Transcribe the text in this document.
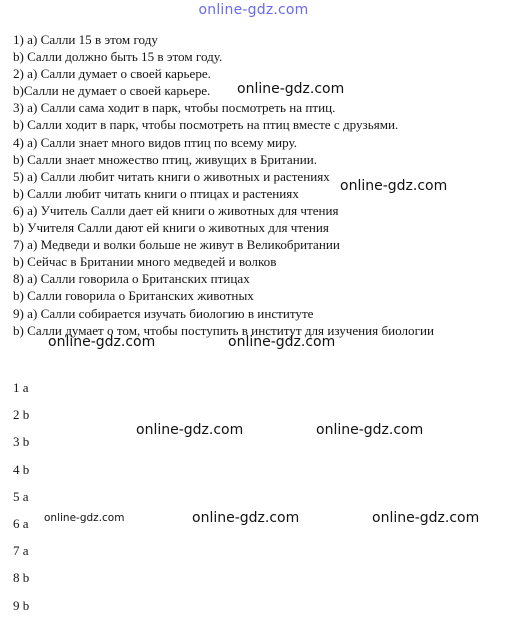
online-gdz.com
1) a) Салли 15 в этом году
b) Салли должно быть 15 в этом году.
2) a) Салли думает о своей карьере.
b)Салли не думает о своей карьере.
3) a) Салли сама ходит в парк, чтобы посмотреть на птиц.
b) Салли ходит в парк, чтобы посмотреть на птиц вместе с друзьями.
4) a) Салли знает много видов птиц по всему миру.
b) Салли знает множество птиц, живущих в Британии.
5) a) Салли любит читать книги о животных и растениях
b) Салли любит читать книги о птицах и растениях
6) a) Учитель Салли дает ей книги о животных для чтения
b) Учителя Салли дают ей книги о животных для чтения
7) a) Медведи и волки больше не живут в Великобритании
b) Сейчас в Британии много медведей и волков
8) a) Салли говорила о Британских птицах
b) Салли говорила о Британских животных
9) a) Салли собирается изучать биологию в институте
b) Салли думает о том, чтобы поступить в институт для изучения биологии
1 a
2 b
3 b
4 b
5 a
6 a
7 a
8 b
9 b
online-gdz.com
online-gdz.com
online-gdz.com	online-gdz.com
online-gdz.com	online-gdz.com
online-gdz.com	online-gdz.com	online-gdz.com
